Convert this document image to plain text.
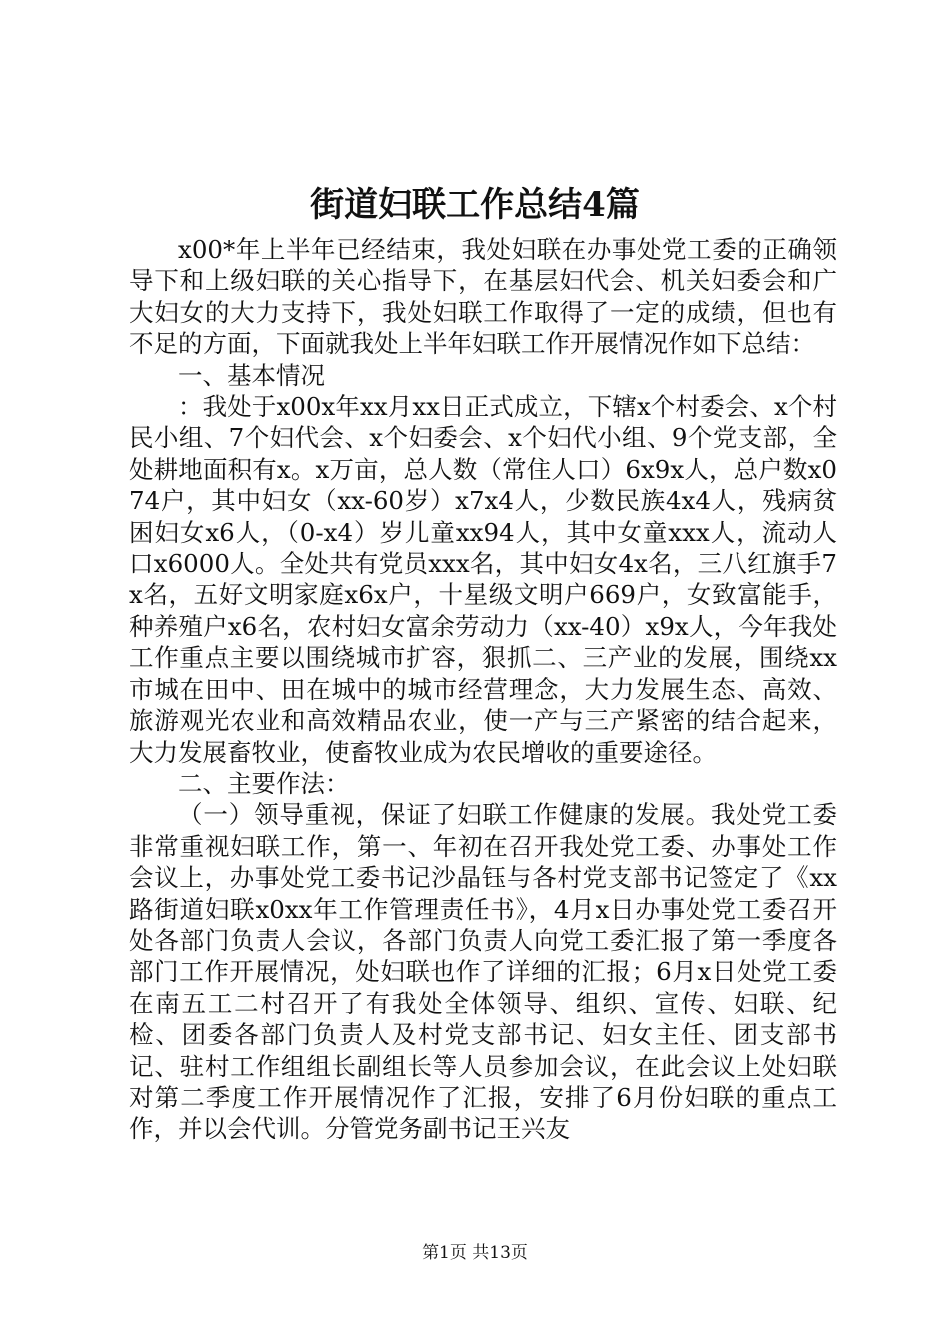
街道妇联工作总结4篇

x00*年上半年已经结束，我处妇联在办事处党工委的正确领导下和上级妇联的关心指导下，在基层妇代会、机关妇委会和广大妇女的大力支持下，我处妇联工作取得了一定的成绩，但也有不足的方面，下面就我处上半年妇联工作开展情况作如下总结：

一、基本情况

：我处于x00x年xx月xx日正式成立，下辖x个村委会、x个村民小组、7个妇代会、x个妇委会、x个妇代小组、9个党支部，全处耕地面积有x。x万亩，总人数（常住人口）6x9x人，总户数x074户，其中妇女（xx-60岁）x7x4人，少数民族4x4人，残病贫困妇女x6人，（0-x4）岁儿童xx94人，其中女童xxx人，流动人口x6000人。全处共有党员xxx名，其中妇女4x名，三八红旗手7x名，五好文明家庭x6x户，十星级文明户669户，女致富能手，种养殖户x6名，农村妇女富余劳动力（xx-40）x9x人，今年我处工作重点主要以围绕城市扩容，狠抓二、三产业的发展，围绕xx市城在田中、田在城中的城市经营理念，大力发展生态、高效、旅游观光农业和高效精品农业，使一产与三产紧密的结合起来，大力发展畜牧业，使畜牧业成为农民增收的重要途径。

二、主要作法：

（一）领导重视，保证了妇联工作健康的发展。我处党工委非常重视妇联工作，第一、年初在召开我处党工委、办事处工作会议上，办事处党工委书记沙晶钰与各村党支部书记签定了《xx路街道妇联x0xx年工作管理责任书》，4月x日办事处党工委召开处各部门负责人会议，各部门负责人向党工委汇报了第一季度各部门工作开展情况，处妇联也作了详细的汇报；6月x日处党工委在南五工二村召开了有我处全体领导、组织、宣传、妇联、纪检、团委各部门负责人及村党支部书记、妇女主任、团支部书记、驻村工作组组长副组长等人员参加会议，在此会议上处妇联对第二季度工作开展情况作了汇报，安排了6月份妇联的重点工作，并以会代训。分管党务副书记王兴友

第1页 共13页
